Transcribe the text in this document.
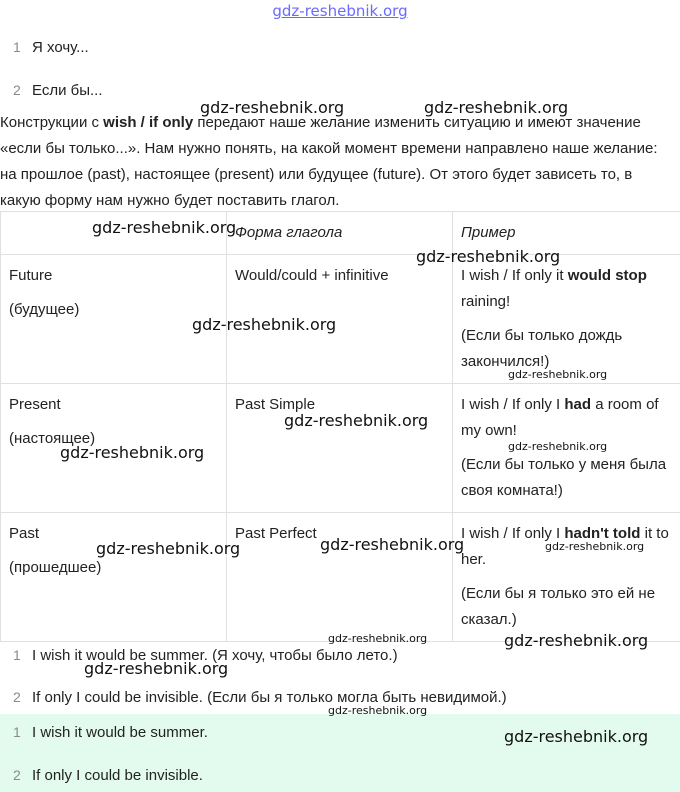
gdz-reshebnik.org
1 Я хочу...
2 Если бы...
Конструкции с wish / if only передают наше желание изменить ситуацию и имеют значение «если бы только...». Нам нужно понять, на какой момент времени направлено наше желание: на прошлое (past), настоящее (present) или будущее (future). От этого будет зависеть то, в какую форму нам нужно будет поставить глагол.
	Форма глагола	Пример

Future
(будущее)	Would/could + infinitive	I wish / If only it would stop raining!
(Если бы только дождь закончился!)

Present
(настоящее)	Past Simple	I wish / If only I had a room of my own!
(Если бы только у меня была своя комната!)

Past
(прошедшее)	Past Perfect	I wish / If only I hadn't told it to her.
(Если бы я только это ей не сказал.)
1 I wish it would be summer. (Я хочу, чтобы было лето.)
2 If only I could be invisible. (Если бы я только могла быть невидимой.)
1 I wish it would be summer.
2 If only I could be invisible.
gdz-reshebnik.org	gdz-reshebnik.org
gdz-reshebnik.org
gdz-reshebnik.org
gdz-reshebnik.org
gdz-reshebnik.org
gdz-reshebnik.org
gdz-reshebnik.org
gdz-reshebnik.org
gdz-reshebnik.org
gdz-reshebnik.org	gdz-reshebnik.org
gdz-reshebnik.org	gdz-reshebnik.org
gdz-reshebnik.org
gdz-reshebnik.org
gdz-reshebnik.org
